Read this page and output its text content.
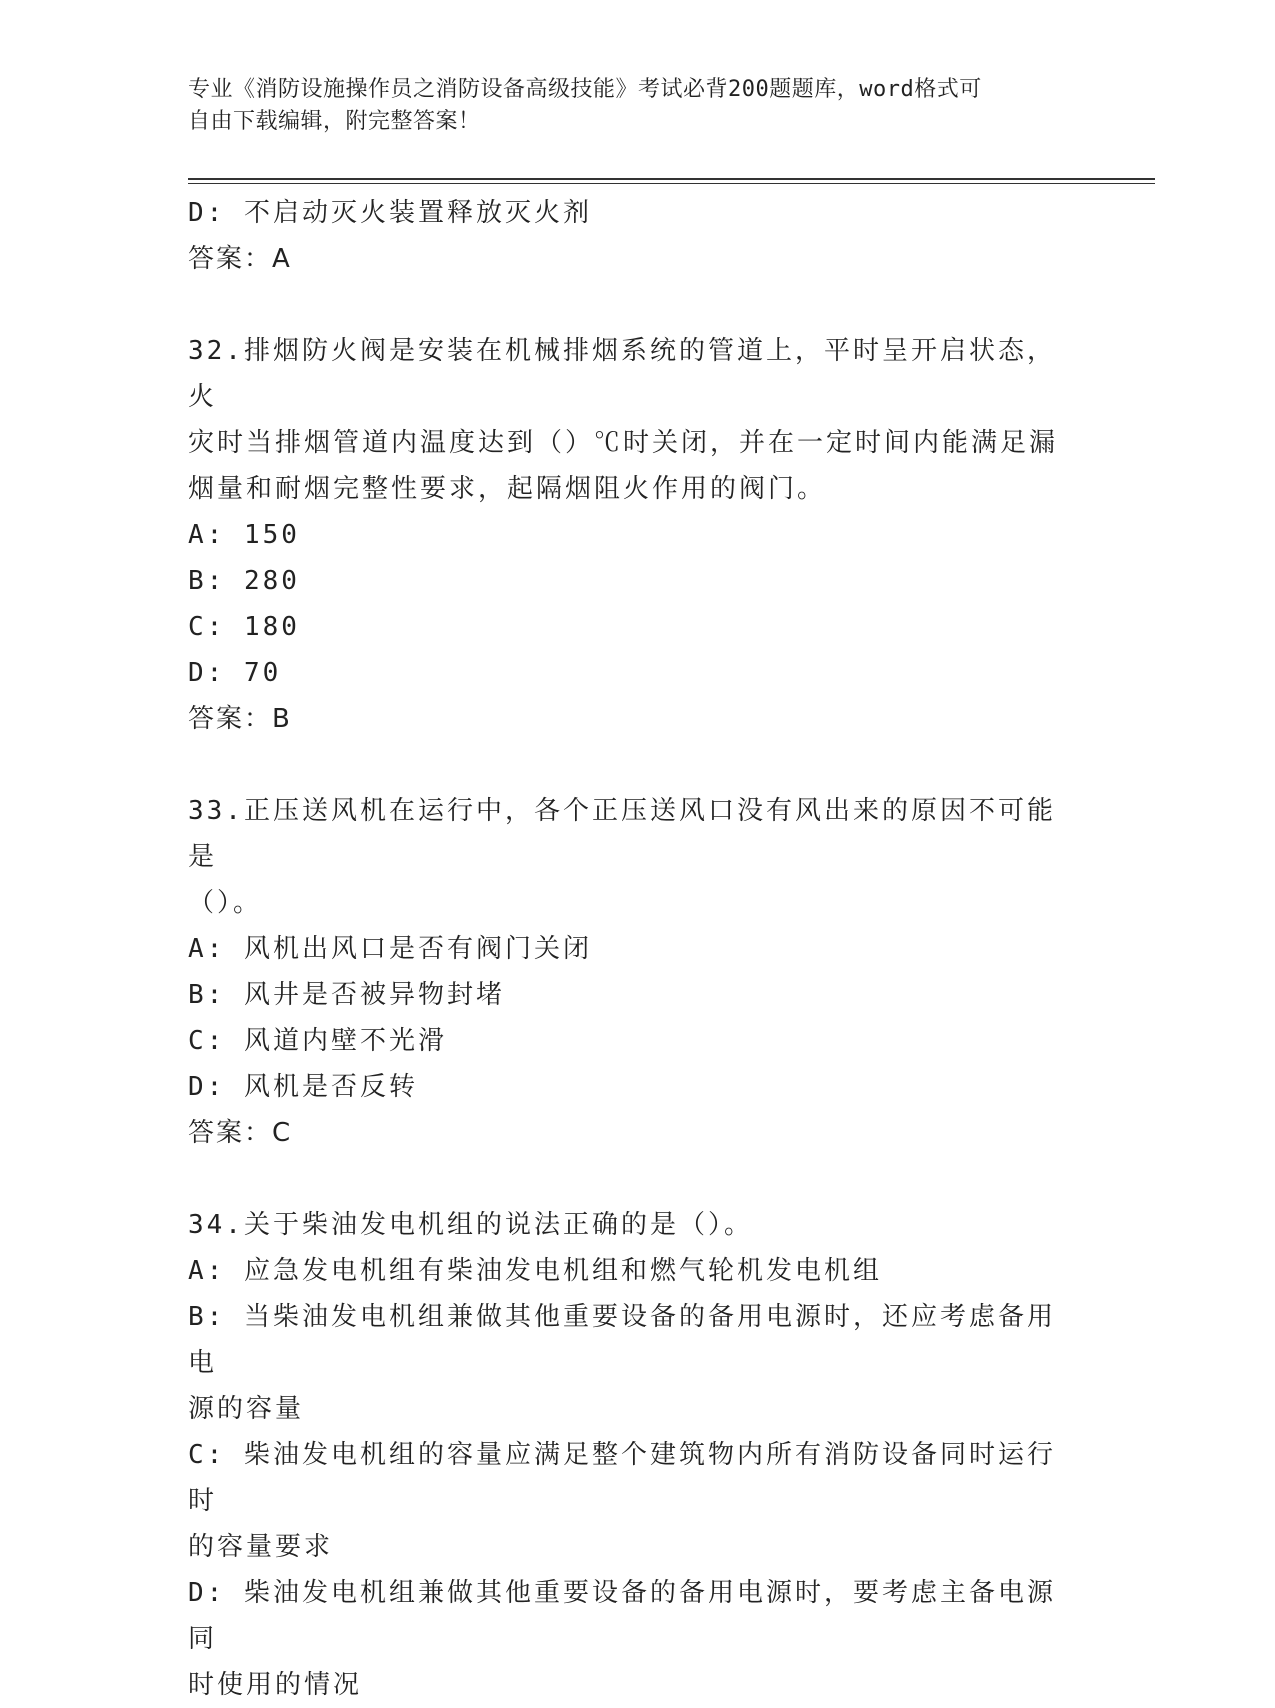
专业《消防设施操作员之消防设备高级技能》考试必背200题题库，word格式可
自由下载编辑，附完整答案！
D: 不启动灭火装置释放灭火剂
答案：A
32.排烟防火阀是安装在机械排烟系统的管道上，平时呈开启状态，火
灾时当排烟管道内温度达到（）℃时关闭，并在一定时间内能满足漏
烟量和耐烟完整性要求，起隔烟阻火作用的阀门。
A: 150
B: 280
C: 180
D: 70
答案：B
33.正压送风机在运行中，各个正压送风口没有风出来的原因不可能是
（）。
A: 风机出风口是否有阀门关闭
B: 风井是否被异物封堵
C: 风道内壁不光滑
D: 风机是否反转
答案：C
34.关于柴油发电机组的说法正确的是（）。
A: 应急发电机组有柴油发电机组和燃气轮机发电机组
B: 当柴油发电机组兼做其他重要设备的备用电源时，还应考虑备用电
源的容量
C: 柴油发电机组的容量应满足整个建筑物内所有消防设备同时运行时
的容量要求
D: 柴油发电机组兼做其他重要设备的备用电源时，要考虑主备电源同
时使用的情况
